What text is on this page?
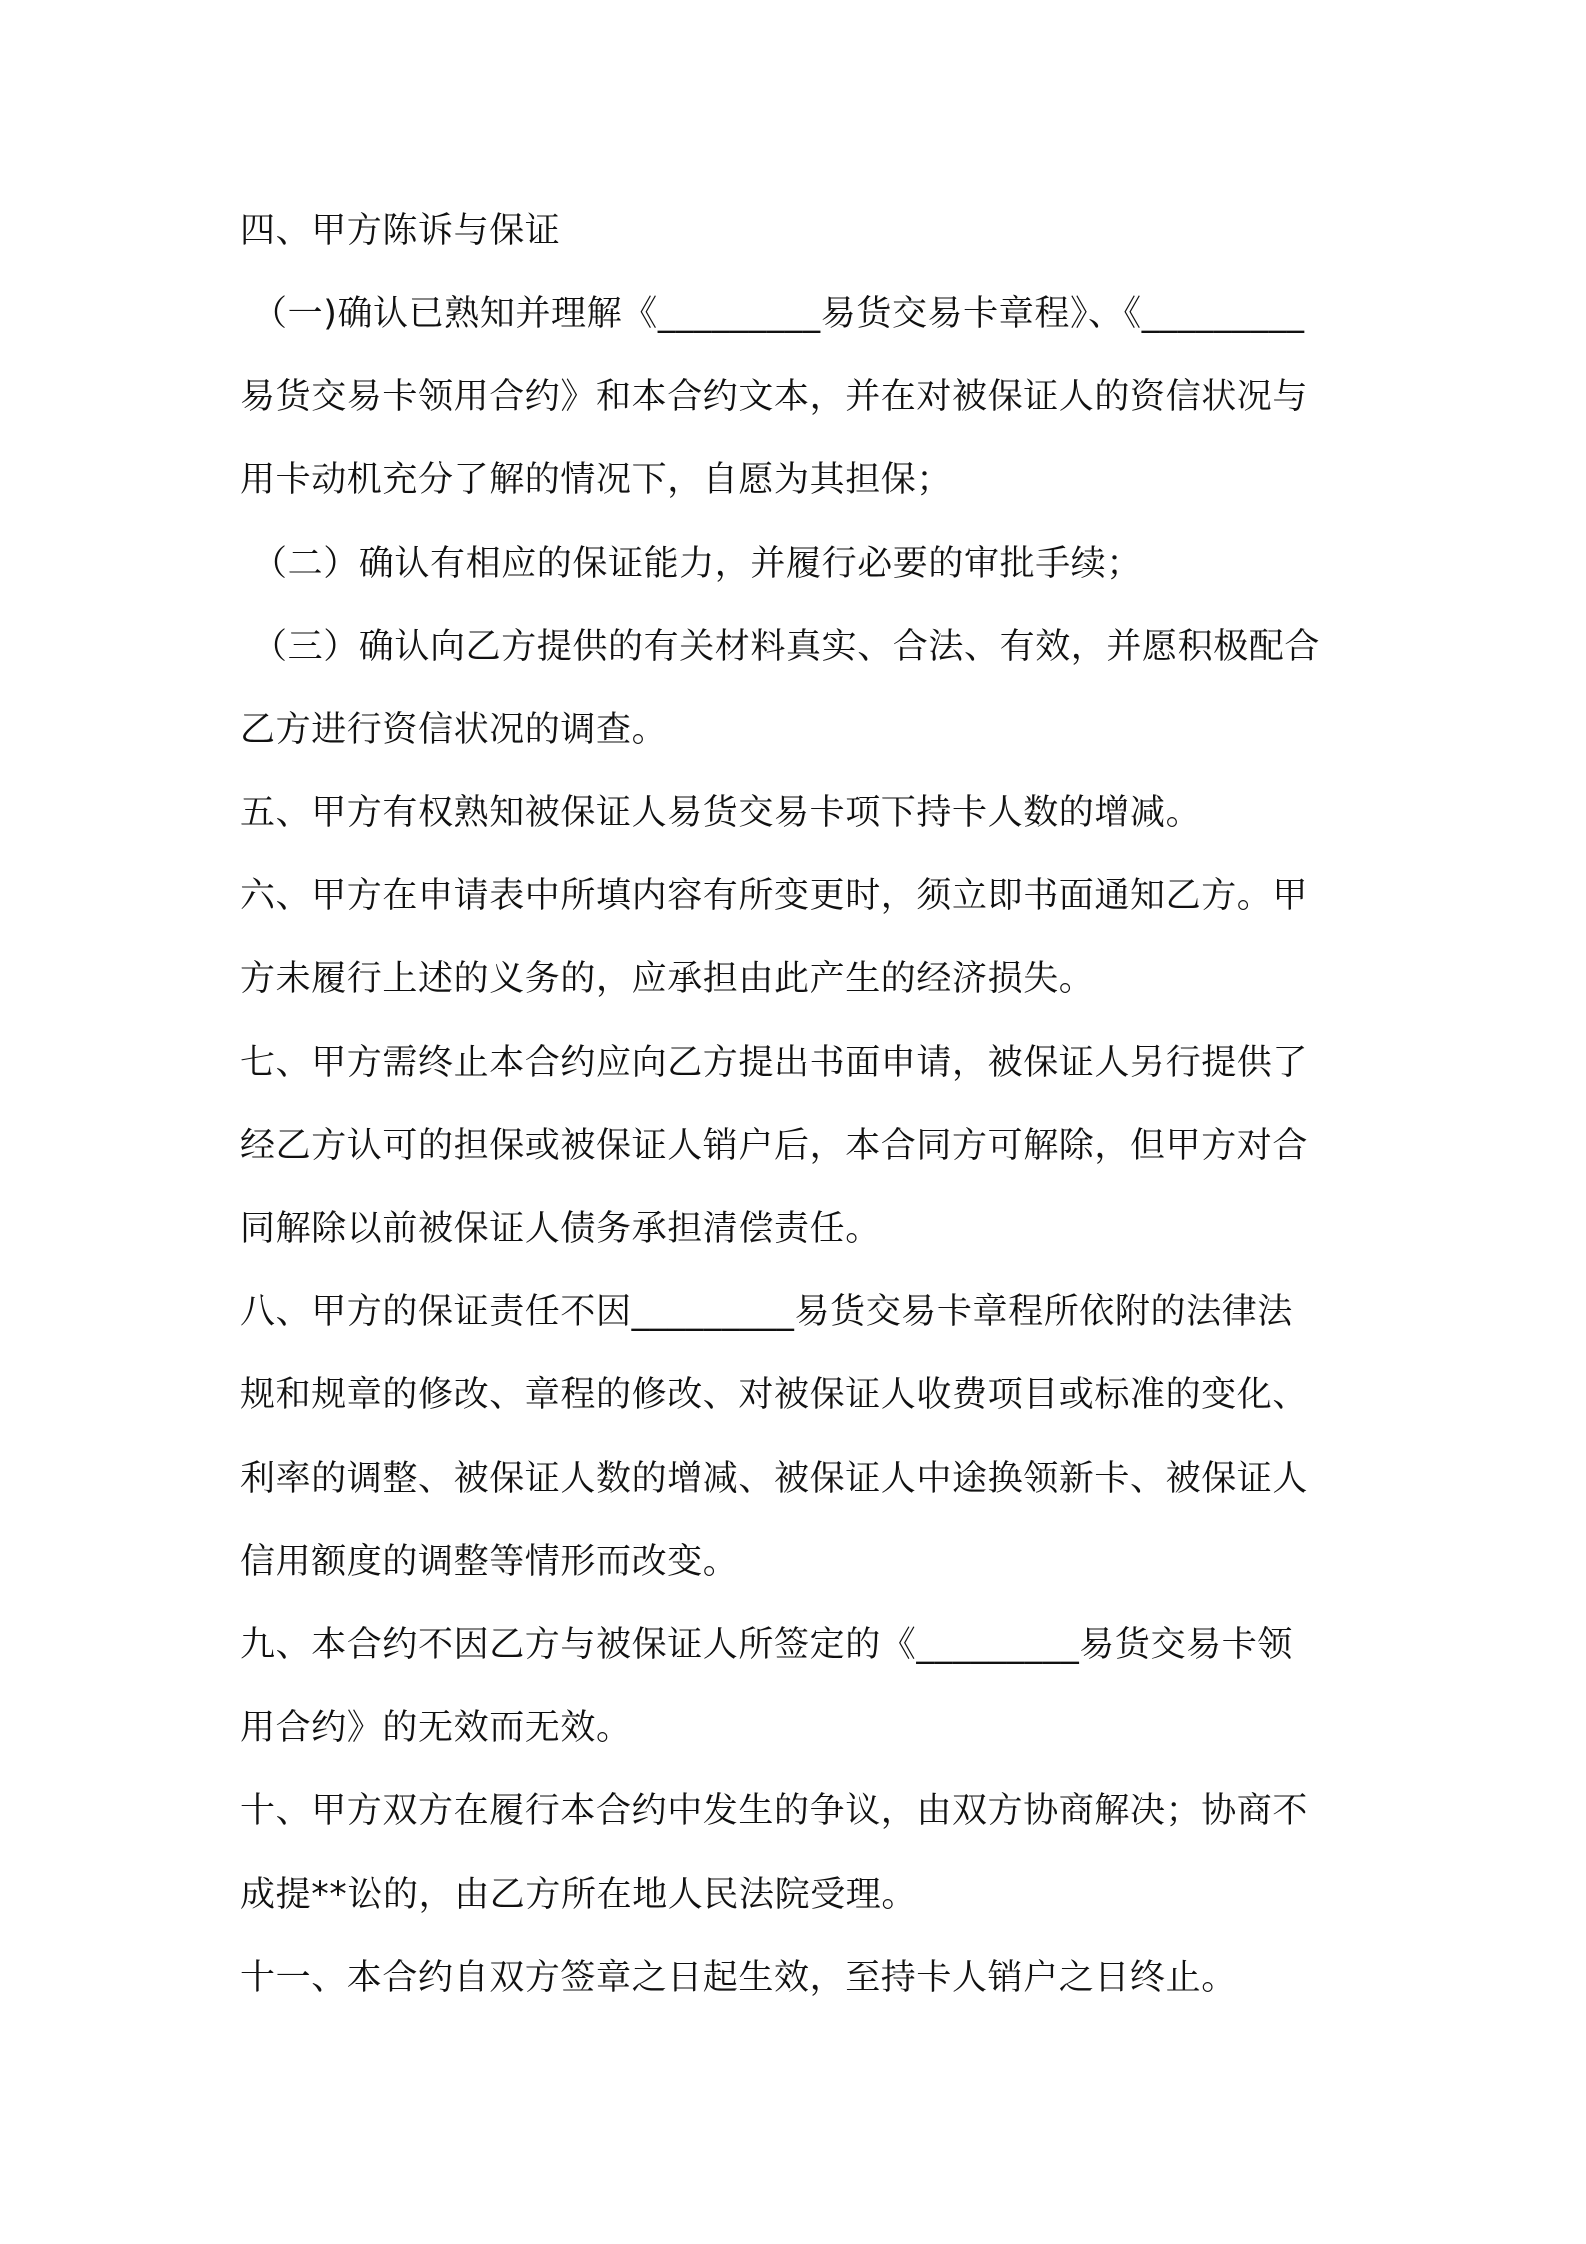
四、甲方陈诉与保证
（一)确认已熟知并理解《_________易货交易卡章程》、《_________
易货交易卡领用合约》和本合约文本，并在对被保证人的资信状况与
用卡动机充分了解的情况下，自愿为其担保；
（二）确认有相应的保证能力，并履行必要的审批手续；
（三）确认向乙方提供的有关材料真实、合法、有效，并愿积极配合
乙方进行资信状况的调查。
五、甲方有权熟知被保证人易货交易卡项下持卡人数的增减。
六、甲方在申请表中所填内容有所变更时，须立即书面通知乙方。甲
方未履行上述的义务的，应承担由此产生的经济损失。
七、甲方需终止本合约应向乙方提出书面申请，被保证人另行提供了
经乙方认可的担保或被保证人销户后，本合同方可解除，但甲方对合
同解除以前被保证人债务承担清偿责任。
八、甲方的保证责任不因_________易货交易卡章程所依附的法律法
规和规章的修改、章程的修改、对被保证人收费项目或标准的变化、
利率的调整、被保证人数的增减、被保证人中途换领新卡、被保证人
信用额度的调整等情形而改变。
九、本合约不因乙方与被保证人所签定的《_________易货交易卡领
用合约》的无效而无效。
十、甲方双方在履行本合约中发生的争议，由双方协商解决；协商不
成提**讼的，由乙方所在地人民法院受理。
十一、本合约自双方签章之日起生效，至持卡人销户之日终止。
